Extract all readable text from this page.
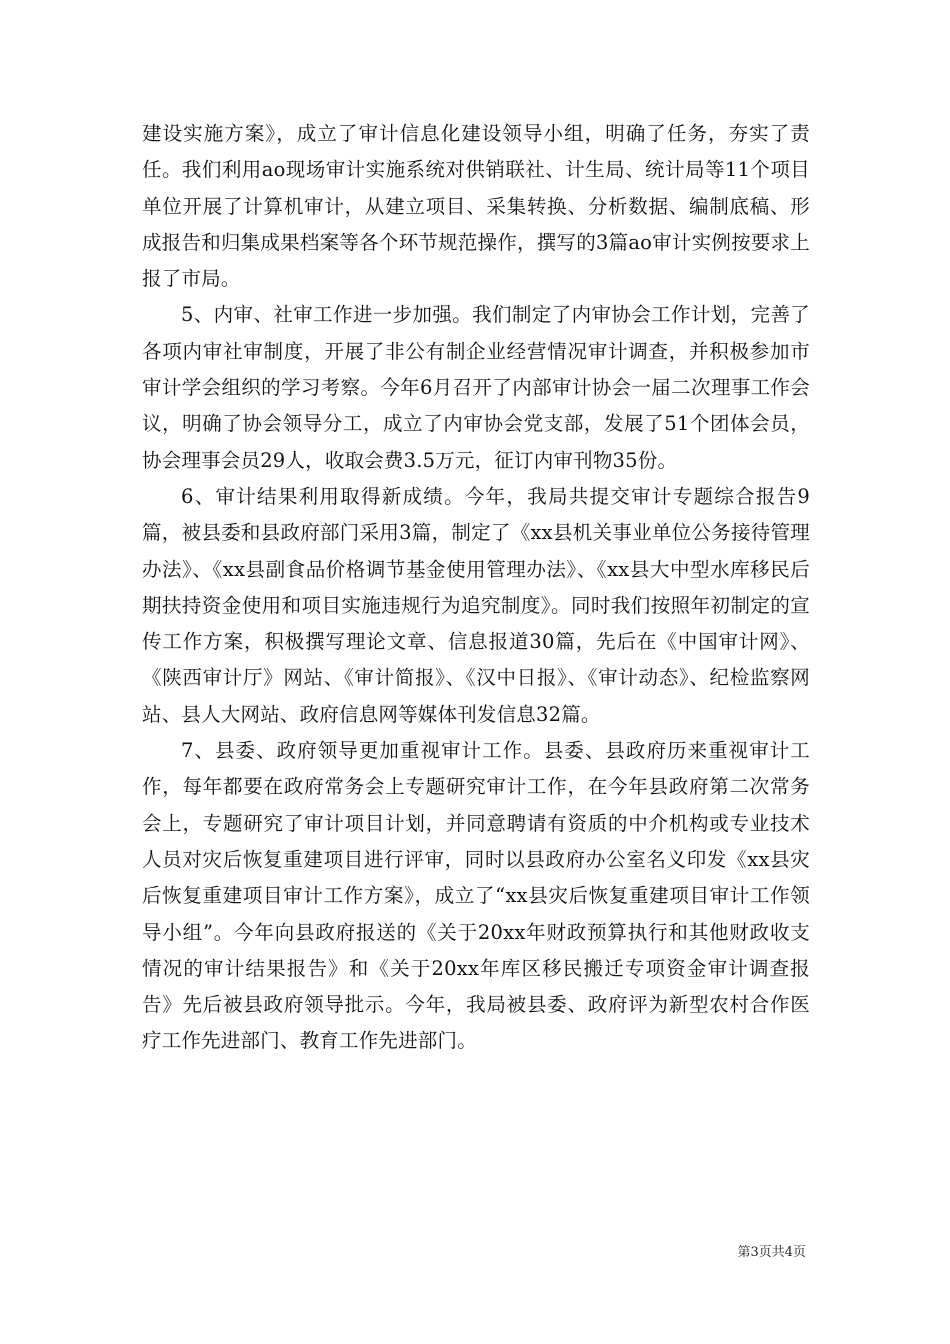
建设实施方案》，成立了审计信息化建设领导小组，明确了任务，夯实了责任。我们利用ao现场审计实施系统对供销联社、计生局、统计局等11个项目单位开展了计算机审计，从建立项目、采集转换、分析数据、编制底稿、形成报告和归集成果档案等各个环节规范操作，撰写的3篇ao审计实例按要求上报了市局。

5、内审、社审工作进一步加强。我们制定了内审协会工作计划，完善了各项内审社审制度，开展了非公有制企业经营情况审计调查，并积极参加市审计学会组织的学习考察。今年6月召开了内部审计协会一届二次理事工作会议，明确了协会领导分工，成立了内审协会党支部，发展了51个团体会员，协会理事会员29人，收取会费3.5万元，征订内审刊物35份。

6、审计结果利用取得新成绩。今年，我局共提交审计专题综合报告9篇，被县委和县政府部门采用3篇，制定了《xx县机关事业单位公务接待管理办法》、《xx县副食品价格调节基金使用管理办法》、《xx县大中型水库移民后期扶持资金使用和项目实施违规行为追究制度》。同时我们按照年初制定的宣传工作方案，积极撰写理论文章、信息报道30篇，先后在《中国审计网》、《陕西审计厅》网站、《审计简报》、《汉中日报》、《审计动态》、纪检监察网站、县人大网站、政府信息网等媒体刊发信息32篇。

7、县委、政府领导更加重视审计工作。县委、县政府历来重视审计工作，每年都要在政府常务会上专题研究审计工作，在今年县政府第二次常务会上，专题研究了审计项目计划，并同意聘请有资质的中介机构或专业技术人员对灾后恢复重建项目进行评审，同时以县政府办公室名义印发《xx县灾后恢复重建项目审计工作方案》，成立了“xx县灾后恢复重建项目审计工作领导小组”。今年向县政府报送的《关于20xx年财政预算执行和其他财政收支情况的审计结果报告》和《关于20xx年库区移民搬迁专项资金审计调查报告》先后被县政府领导批示。今年，我局被县委、政府评为新型农村合作医疗工作先进部门、教育工作先进部门。

第3页共4页
